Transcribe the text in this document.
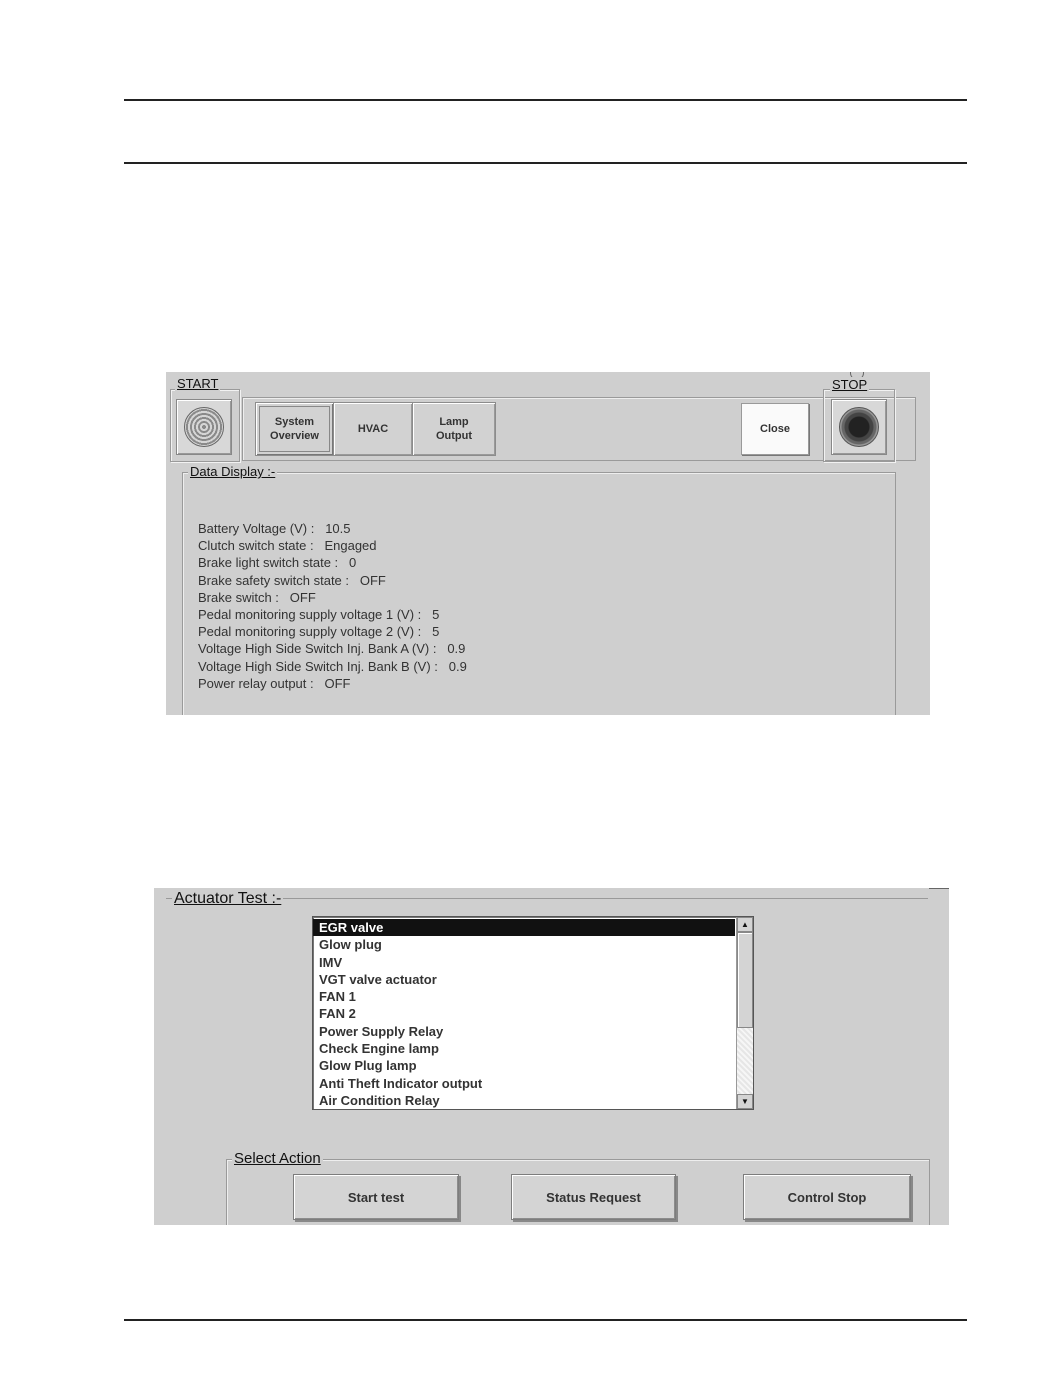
START
System
Overview
HVAC
Lamp
Output
Close
STOP
Data Display :-
Battery Voltage (V) : 10.5
Clutch switch state : Engaged
Brake light switch state : 0
Brake safety switch state : OFF
Brake switch : OFF
Pedal monitoring supply voltage 1 (V) : 5
Pedal monitoring supply voltage 2 (V) : 5
Voltage High Side Switch Inj. Bank A (V) : 0.9
Voltage High Side Switch Inj. Bank B (V) : 0.9
Power relay output : OFF
Actuator Test :-
EGR valve
Glow plug
IMV
VGT valve actuator
FAN 1
FAN 2
Power Supply Relay
Check Engine lamp
Glow Plug lamp
Anti Theft Indicator output
Air Condition Relay
▲
▼
Select Action
Start test	Status Request	Control Stop
